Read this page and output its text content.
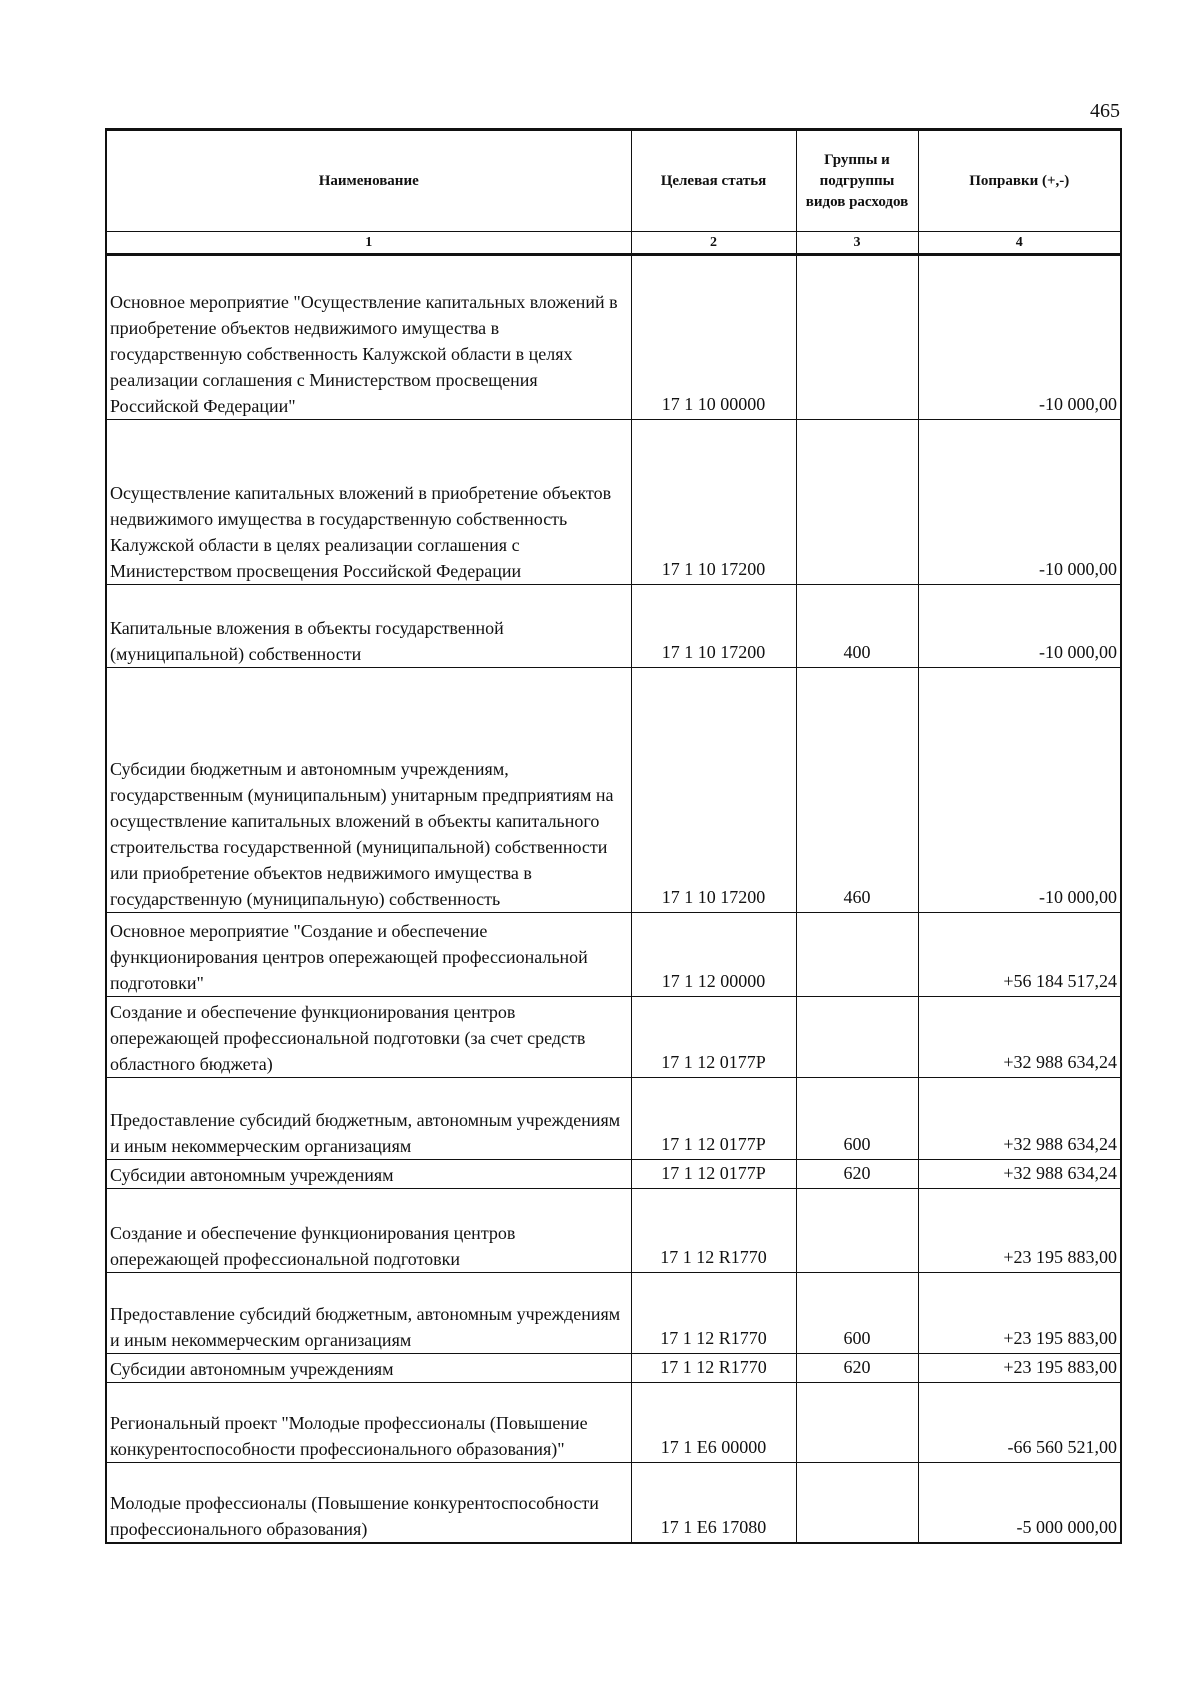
465
Наименование	Целевая статья	Группы и подгруппы видов расходов	Поправки (+,-)
1	2	3	4
Основное мероприятие "Осуществление капитальных вложений в приобретение объектов недвижимого имущества в государственную собственность Калужской области в целях реализации соглашения с Министерством просвещения Российской Федерации"	17 1 10 00000		-10 000,00
Осуществление капитальных вложений в приобретение объектов недвижимого имущества в государственную собственность Калужской области в целях реализации соглашения с Министерством просвещения Российской Федерации	17 1 10 17200		-10 000,00
Капитальные вложения в объекты государственной (муниципальной) собственности	17 1 10 17200	400	-10 000,00
Субсидии бюджетным и автономным учреждениям, государственным (муниципальным) унитарным предприятиям на осуществление капитальных вложений в объекты капитального строительства государственной (муниципальной) собственности или приобретение объектов недвижимого имущества в государственную (муниципальную) собственность	17 1 10 17200	460	-10 000,00
Основное мероприятие "Создание и обеспечение функционирования центров опережающей профессиональной подготовки"	17 1 12 00000		+56 184 517,24
Создание и обеспечение функционирования центров опережающей профессиональной подготовки (за счет средств областного бюджета)	17 1 12 0177P		+32 988 634,24
Предоставление субсидий бюджетным, автономным учреждениям и иным некоммерческим организациям	17 1 12 0177P	600	+32 988 634,24
Субсидии автономным учреждениям	17 1 12 0177P	620	+32 988 634,24
Создание и обеспечение функционирования центров опережающей профессиональной подготовки	17 1 12 R1770		+23 195 883,00
Предоставление субсидий бюджетным, автономным учреждениям и иным некоммерческим организациям	17 1 12 R1770	600	+23 195 883,00
Субсидии автономным учреждениям	17 1 12 R1770	620	+23 195 883,00
Региональный проект "Молодые профессионалы (Повышение конкурентоспособности профессионального образования)"	17 1 E6 00000		-66 560 521,00
Молодые профессионалы (Повышение конкурентоспособности профессионального образования)	17 1 E6 17080		-5 000 000,00
